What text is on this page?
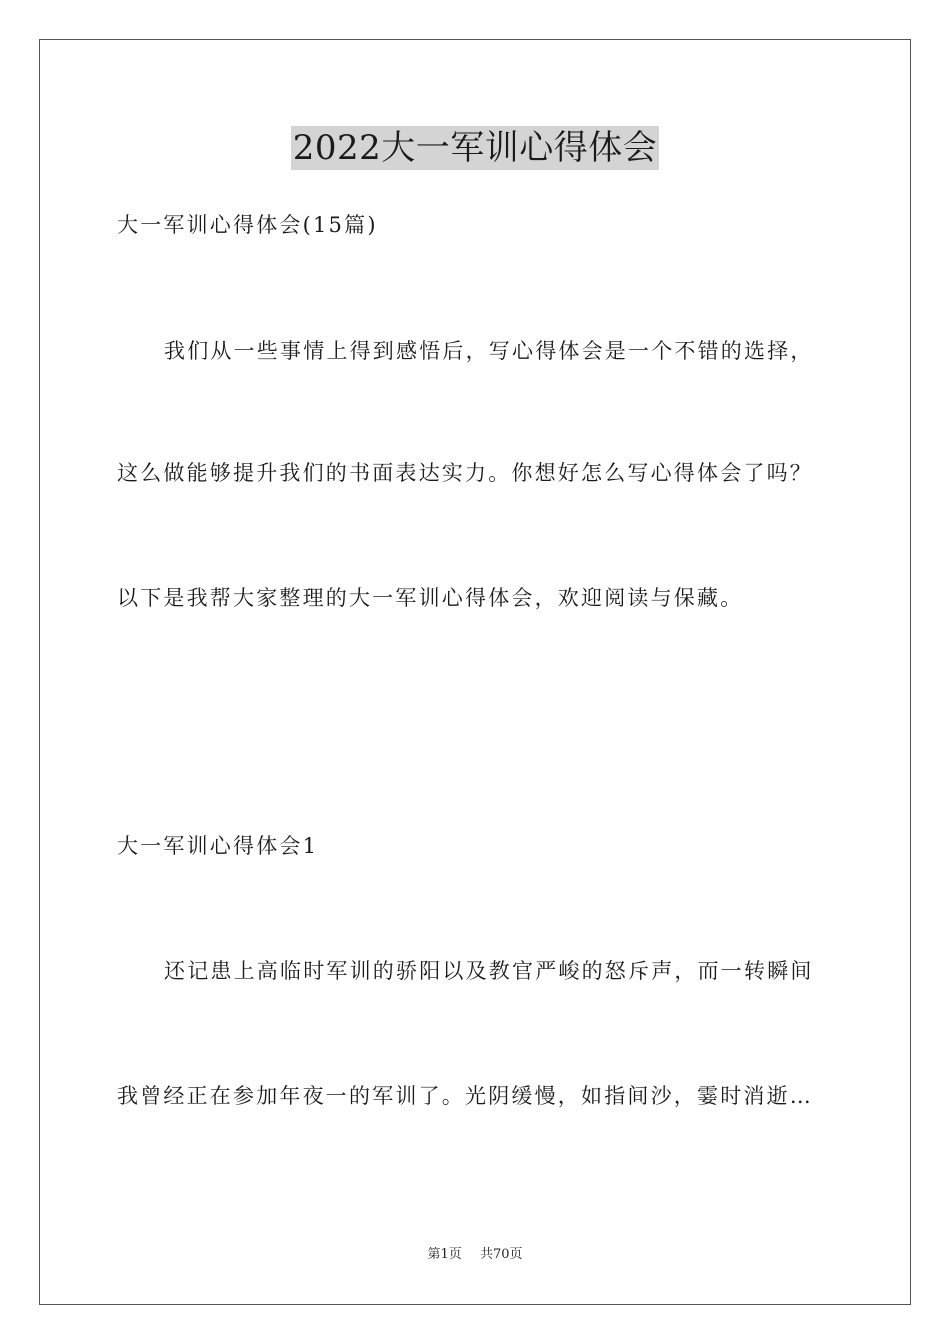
2022大一军训心得体会
大一军训心得体会(15篇)
我们从一些事情上得到感悟后，写心得体会是一个不错的选择，
这么做能够提升我们的书面表达实力。你想好怎么写心得体会了吗？
以下是我帮大家整理的大一军训心得体会，欢迎阅读与保藏。
大一军训心得体会1
还记患上高临时军训的骄阳以及教官严峻的怒斥声，而一转瞬间
我曾经正在参加年夜一的军训了。光阴缓慢，如指间沙，霎时消逝…
第1页 共70页
